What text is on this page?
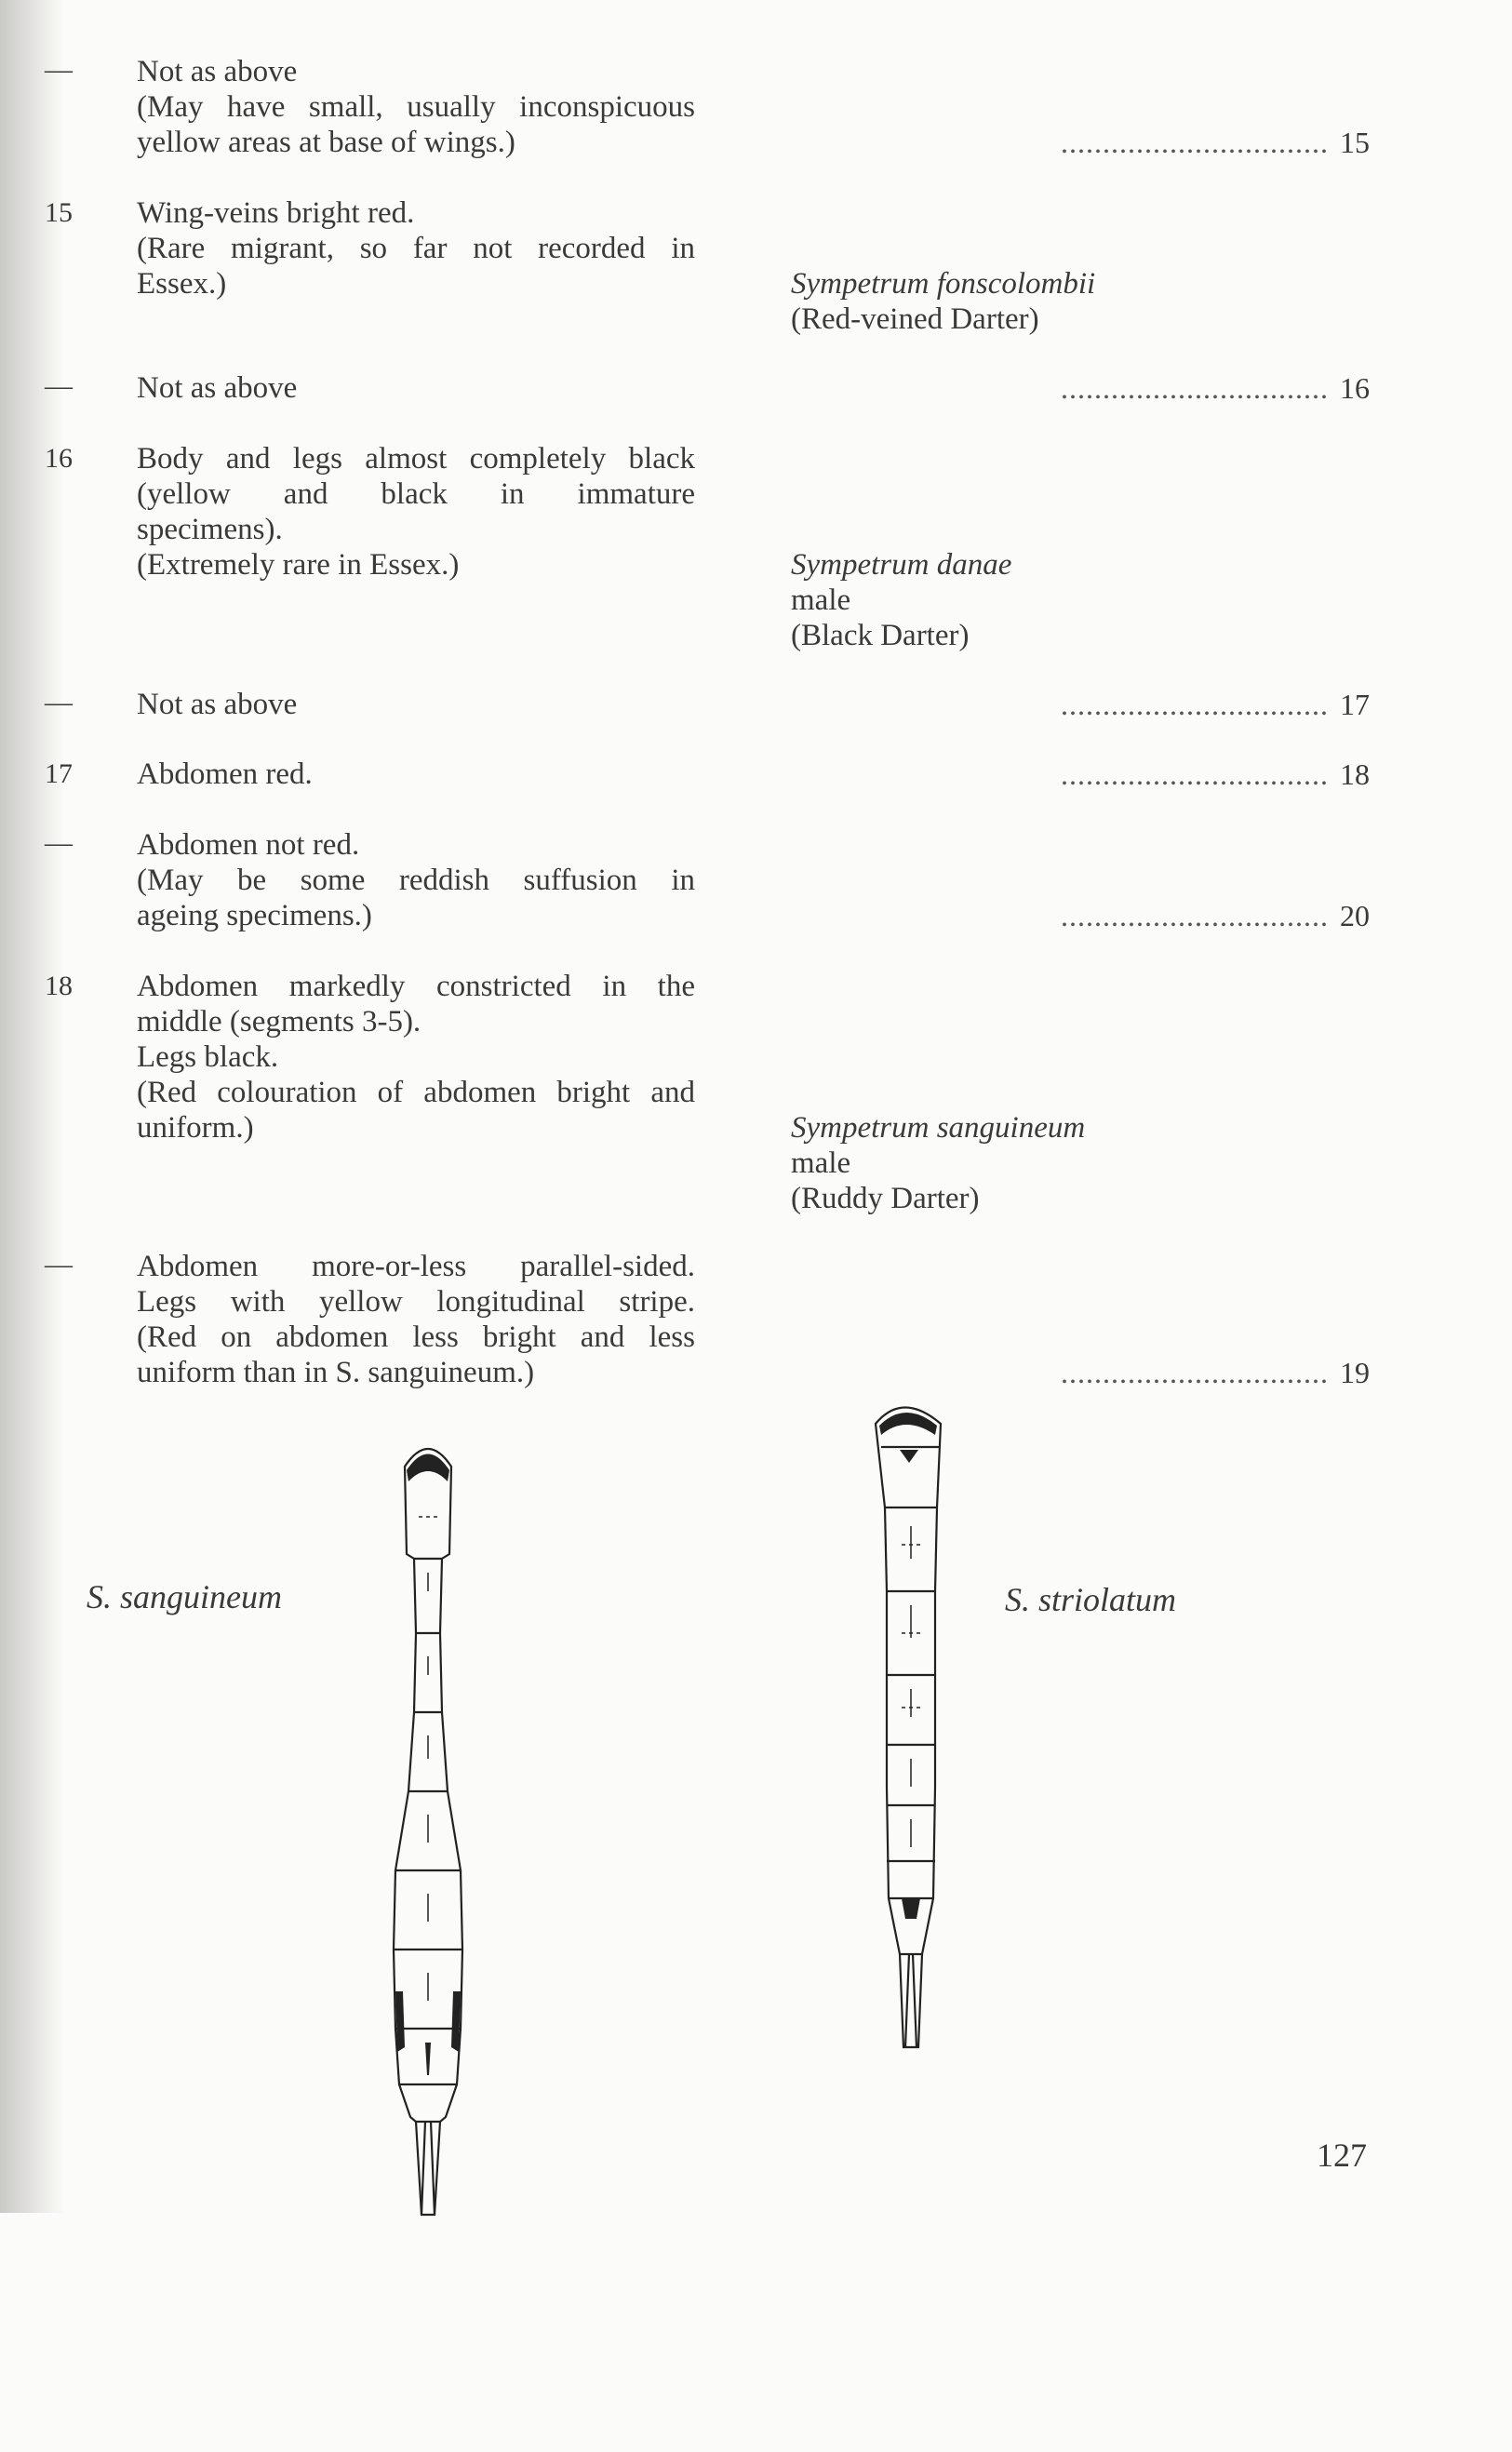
— Not as above
(May have small, usually inconspicuous
yellow areas at base of wings.) .....	15
15 Wing-veins bright red.
(Rare migrant, so far not recorded in
Essex.)	Sympetrum fonscolombii
(Red-veined Darter)
— Not as above .....	16
16 Body and legs almost completely black
(yellow and black in immature
specimens).
(Extremely rare in Essex.)	Sympetrum danae
male
(Black Darter)
— Not as above .....	17
17 Abdomen red. .....	18
— Abdomen not red.
(May be some reddish suffusion in
ageing specimens.) .....	20
18 Abdomen markedly constricted in the
middle (segments 3-5).
Legs black.
(Red colouration of abdomen bright and
uniform.)	Sympetrum sanguineum
male
(Ruddy Darter)
— Abdomen more-or-less parallel-sided.
Legs with yellow longitudinal stripe.
(Red on abdomen less bright and less
uniform than in S. sanguineum.) .....	19
S. sanguineum	S. striolatum
127
